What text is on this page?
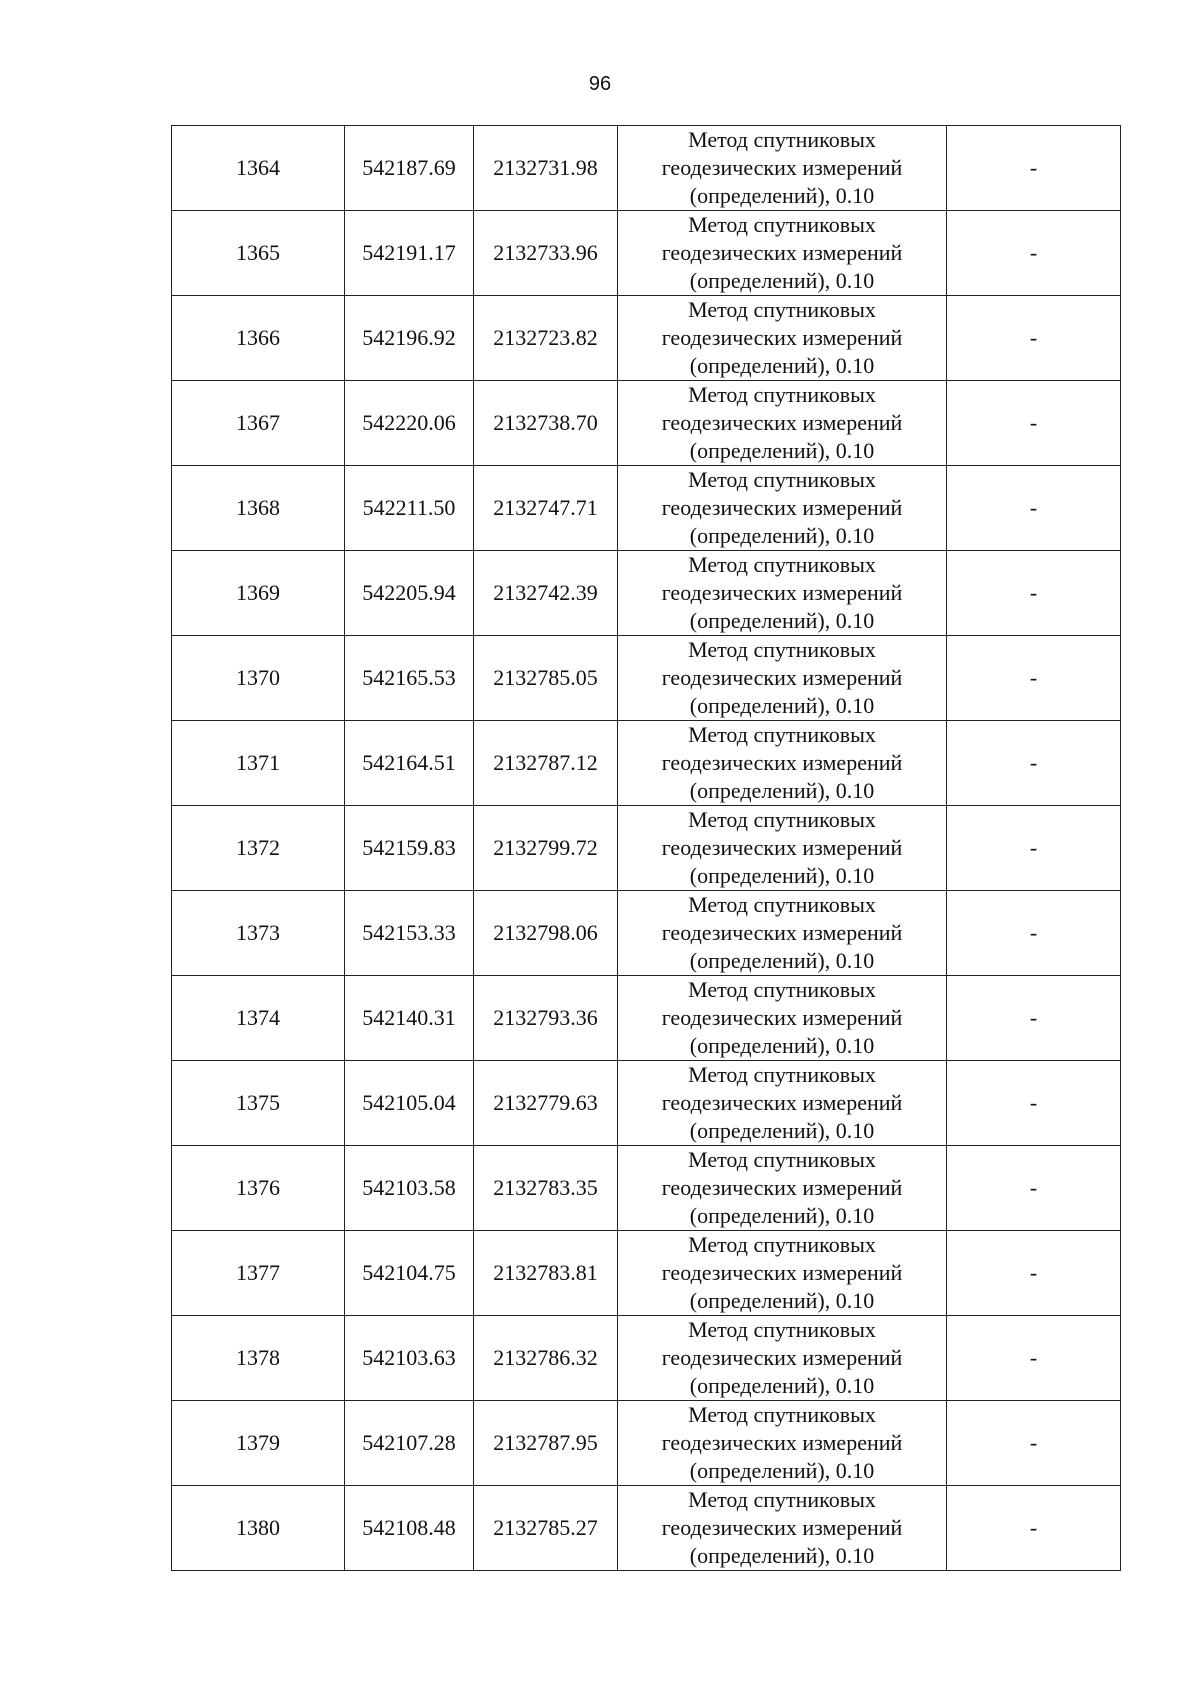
96
1364	542187.69	2132731.98	Метод спутниковых
геодезических измерений
(определений), 0.10	-
1365	542191.17	2132733.96	Метод спутниковых
геодезических измерений
(определений), 0.10	-
1366	542196.92	2132723.82	Метод спутниковых
геодезических измерений
(определений), 0.10	-
1367	542220.06	2132738.70	Метод спутниковых
геодезических измерений
(определений), 0.10	-
1368	542211.50	2132747.71	Метод спутниковых
геодезических измерений
(определений), 0.10	-
1369	542205.94	2132742.39	Метод спутниковых
геодезических измерений
(определений), 0.10	-
1370	542165.53	2132785.05	Метод спутниковых
геодезических измерений
(определений), 0.10	-
1371	542164.51	2132787.12	Метод спутниковых
геодезических измерений
(определений), 0.10	-
1372	542159.83	2132799.72	Метод спутниковых
геодезических измерений
(определений), 0.10	-
1373	542153.33	2132798.06	Метод спутниковых
геодезических измерений
(определений), 0.10	-
1374	542140.31	2132793.36	Метод спутниковых
геодезических измерений
(определений), 0.10	-
1375	542105.04	2132779.63	Метод спутниковых
геодезических измерений
(определений), 0.10	-
1376	542103.58	2132783.35	Метод спутниковых
геодезических измерений
(определений), 0.10	-
1377	542104.75	2132783.81	Метод спутниковых
геодезических измерений
(определений), 0.10	-
1378	542103.63	2132786.32	Метод спутниковых
геодезических измерений
(определений), 0.10	-
1379	542107.28	2132787.95	Метод спутниковых
геодезических измерений
(определений), 0.10	-
1380	542108.48	2132785.27	Метод спутниковых
геодезических измерений
(определений), 0.10	-
